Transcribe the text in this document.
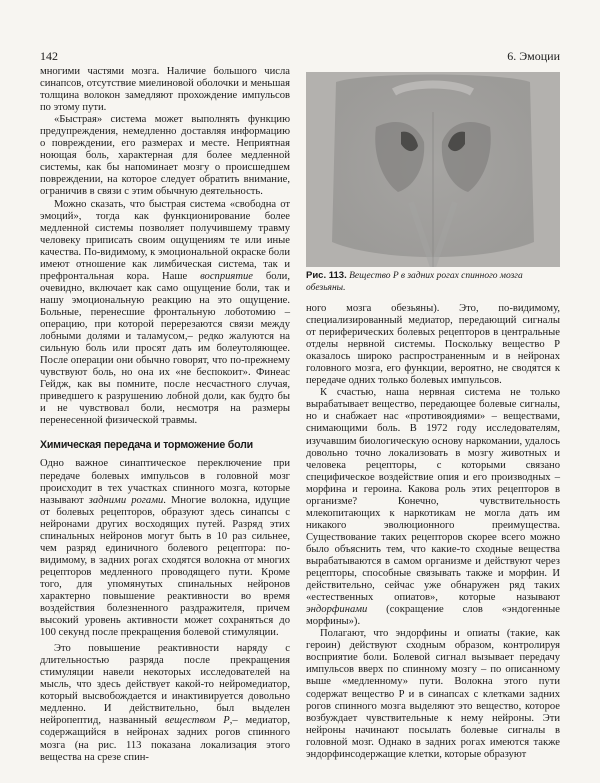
142	6. Эмоции

многими частями мозга. Наличие большого числа синапсов, отсутствие миелиновой оболочки и меньшая толщина волокон замедляют прохождение импульсов по этому пути.

«Быстрая» система может выполнять функцию предупреждения, немедленно доставляя информацию о повреждении, его размерах и месте. Неприятная ноющая боль, характерная для более медленной системы, как бы напоминает мозгу о происшедшем повреждении, на которое следует обратить внимание, ограничив в связи с этим обычную деятельность.

Можно сказать, что быстрая система «свободна от эмоций», тогда как функционирование более медленной системы позволяет получившему травму человеку приписать своим ощущениям те или иные качества. По-видимому, к эмоциональной окраске боли имеют отношение как лимбическая система, так и префронтальная кора. Наше восприятие боли, очевидно, включает как само ощущение боли, так и нашу эмоциональную реакцию на это ощущение. Больные, перенесшие фронтальную лоботомию – операцию, при которой перерезаются связи между лобными долями и таламусом,– редко жалуются на сильную боль или просят дать им болеутоляющее. После операции они обычно говорят, что по-прежнему чувствуют боль, но она их «не беспокоит». Финеас Гейдж, как вы помните, после несчастного случая, приведшего к разрушению лобной доли, как будто бы и не чувствовал боли, несмотря на размеры перенесенной физической травмы.

Химическая передача и торможение боли

Одно важное синаптическое переключение при передаче болевых импульсов в головной мозг происходит в тех участках спинного мозга, которые называют задними рогами. Многие волокна, идущие от болевых рецепторов, образуют здесь синапсы с нейронами других восходящих путей. Разряд этих спинальных нейронов могут быть в 10 раз сильнее, чем разряд единичного болевого рецептора: по-видимому, в задних рогах сходятся волокна от многих рецепторов медленного проводящего пути. Кроме того, для упомянутых спинальных нейронов характерно повышение реактивности во время воздействия болезненного раздражителя, причем высокий уровень активности может сохраняться до 100 секунд после прекращения болевой стимуляции.

Это повышение реактивности наряду с длительностью разряда после прекращения стимуляции навели некоторых исследователей на мысль, что здесь действует какой-то нейромедиатор, который высвобождается и инактивируется довольно медленно. И действительно, был выделен нейропептид, названный веществом P,– медиатор, содержащийся в нейронах задних рогов спинного мозга (на рис. 113 показана локализация этого вещества на срезе спин-

Рис. 113. Вещество P в задних рогах спинного мозга обезьяны.

ного мозга обезьяны). Это, по-видимому, специализированный медиатор, передающий сигналы от периферических болевых рецепторов в центральные отделы нервной системы. Поскольку вещество P оказалось широко распространенным и в нейронах головного мозга, его функции, вероятно, не сводятся к передаче одних только болевых импульсов.

К счастью, наша нервная система не только вырабатывает вещество, передающее болевые сигналы, но и снабжает нас «противоядиями» – веществами, снимающими боль. В 1972 году исследователям, изучавшим биологическую основу наркомании, удалось довольно точно локализовать в мозгу животных и человека рецепторы, с которыми связано специфическое воздействие опия и его производных – морфина и героина. Какова роль этих рецепторов в организме? Конечно, чувствительность млекопитающих к наркотикам не могла дать им никакого эволюционного преимущества. Существование таких рецепторов скорее всего можно было объяснить тем, что какие-то сходные вещества вырабатываются в самом организме и действуют через рецепторы, способные связывать также и морфин. И действительно, сейчас уже обнаружен ряд таких «естественных опиатов», которые называют эндорфинами (сокращение слов «эндогенные морфины»).

Полагают, что эндорфины и опиаты (такие, как героин) действуют сходным образом, контролируя восприятие боли. Болевой сигнал вызывает передачу импульсов вверх по спинному мозгу – по описанному выше «медленному» пути. Волокна этого пути содержат вещество P и в синапсах с клетками задних рогов спинного мозга выделяют это вещество, которое возбуждает чувствительные к нему нейроны. Эти нейроны начинают посылать болевые сигналы в головной мозг. Однако в задних рогах имеются также эндорфинсодержащие клетки, которые образуют
